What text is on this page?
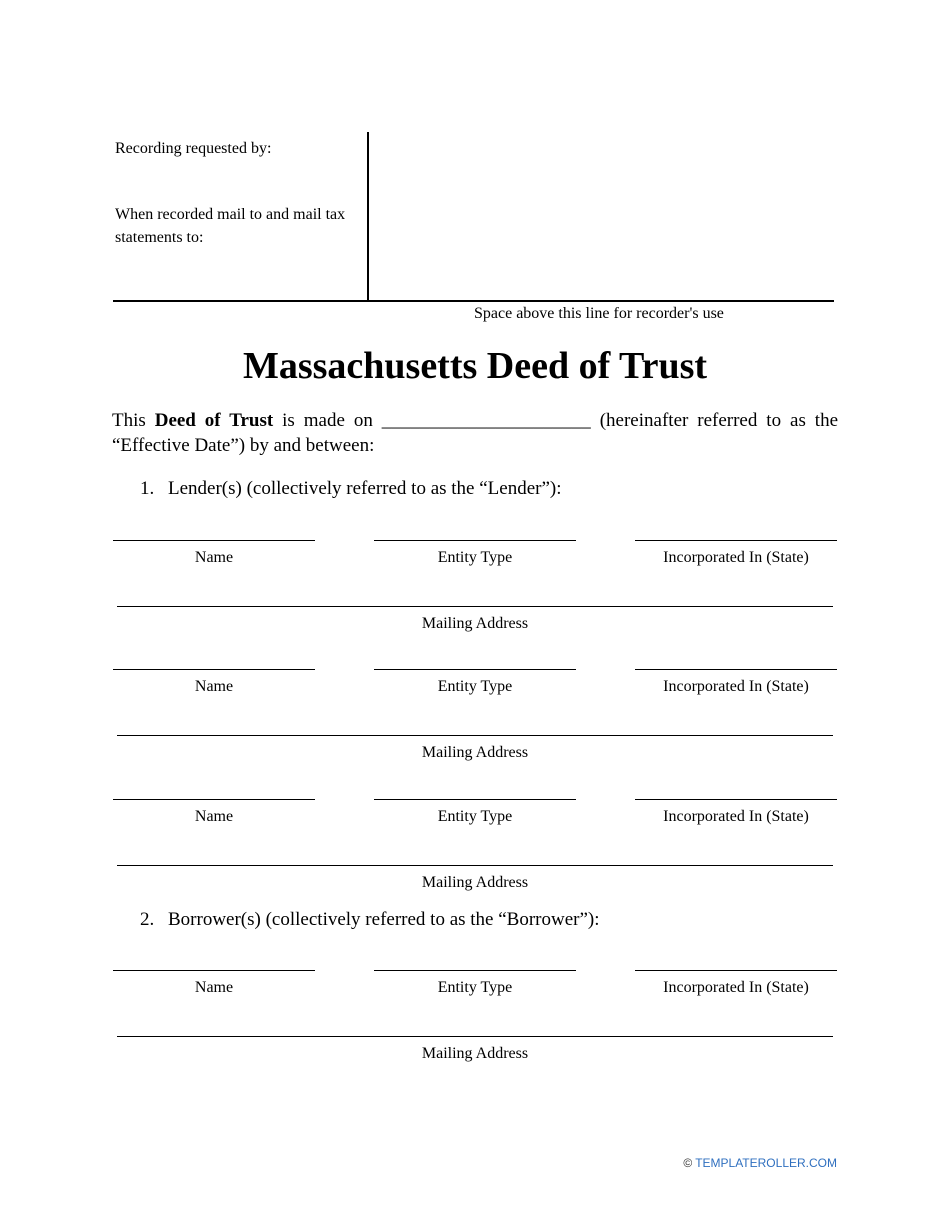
Recording requested by:
When recorded mail to and mail tax statements to:
Space above this line for recorder's use
Massachusetts Deed of Trust
This Deed of Trust is made on ______________________ (hereinafter referred to as the “Effective Date”) by and between:
1. Lender(s) (collectively referred to as the “Lender”):
Name	Entity Type	Incorporated In (State)
Mailing Address
Name	Entity Type	Incorporated In (State)
Mailing Address
Name	Entity Type	Incorporated In (State)
Mailing Address
2. Borrower(s) (collectively referred to as the “Borrower”):
Name	Entity Type	Incorporated In (State)
Mailing Address
© TEMPLATEROLLER.COM
